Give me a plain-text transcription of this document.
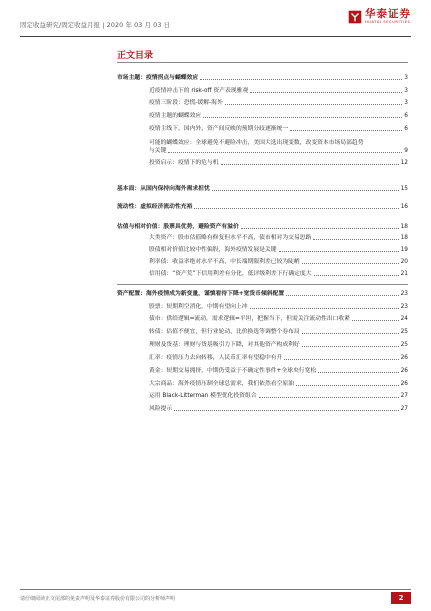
固定收益研究/固定收益月报 | 2020 年 03 月 03 日
华泰证券
HUATAI SECURITIES
正文目录
市场主题：疫情拐点与蝴蝶效应	3
近疫情冲击下的 risk-off 资产表现雅观	3
疫情三阶段：恐慌-缓解-海外	3
疫情主题的蝴蝶效应	6
疫情主线下，国内外、资产间反映的预期分歧逐渐统一	6
可能的蝴蝶效应：全球避免不避险冲击，美国大选出现变数，改变资本市场局部趋势
与关键	9
投资启示：疫情下的危与机	12
基本面：从国内保持向海外需求担忧	15
流动性：虚拟经济流动性充裕	16
估值与相对价值：股票具优势，避险资产有溢价	18
大类资产：股市估值略有修复但水平不高，债市相对为交易思路	18
股债相对价值比较中性偏股，海外疫情发展是关键	19
利率债：收益率绝对水平不高，中长端期限利差已较为陡峭	20
信用债：“资产荒”下信用利差有分化，低评级利差下行确定度大	21
资产配置：海外疫情成为新变量，谨慎看待下降+宽货币倾斜配置	23
股票：短期利空消化，中期有望向上冲	23
债市：供给逻辑=流动，需求逻辑=平坦，把握当下，但需关注流动性出口收紧	24
转债：估值不便宜，但行业轮动、比价换选等调整个券布局	25
理财及货基：理财与货基吸引力下降，对其他资产构成利好	25
汇率：疫情压力去向转移，人民币汇率有望稳中有升	26
黄金：短期交易拥挤，中期仍受益于不确定性事件+全球央行宽松	26
大宗商品：海外疫情压制全球总需求，我们依然看空原油	26
运用 Black-Litterman 模型优化投资组合	27
风险提示	27
请仔细阅读正文尾部的免责声明及华泰证券股份有限公司的分析师声明	2
